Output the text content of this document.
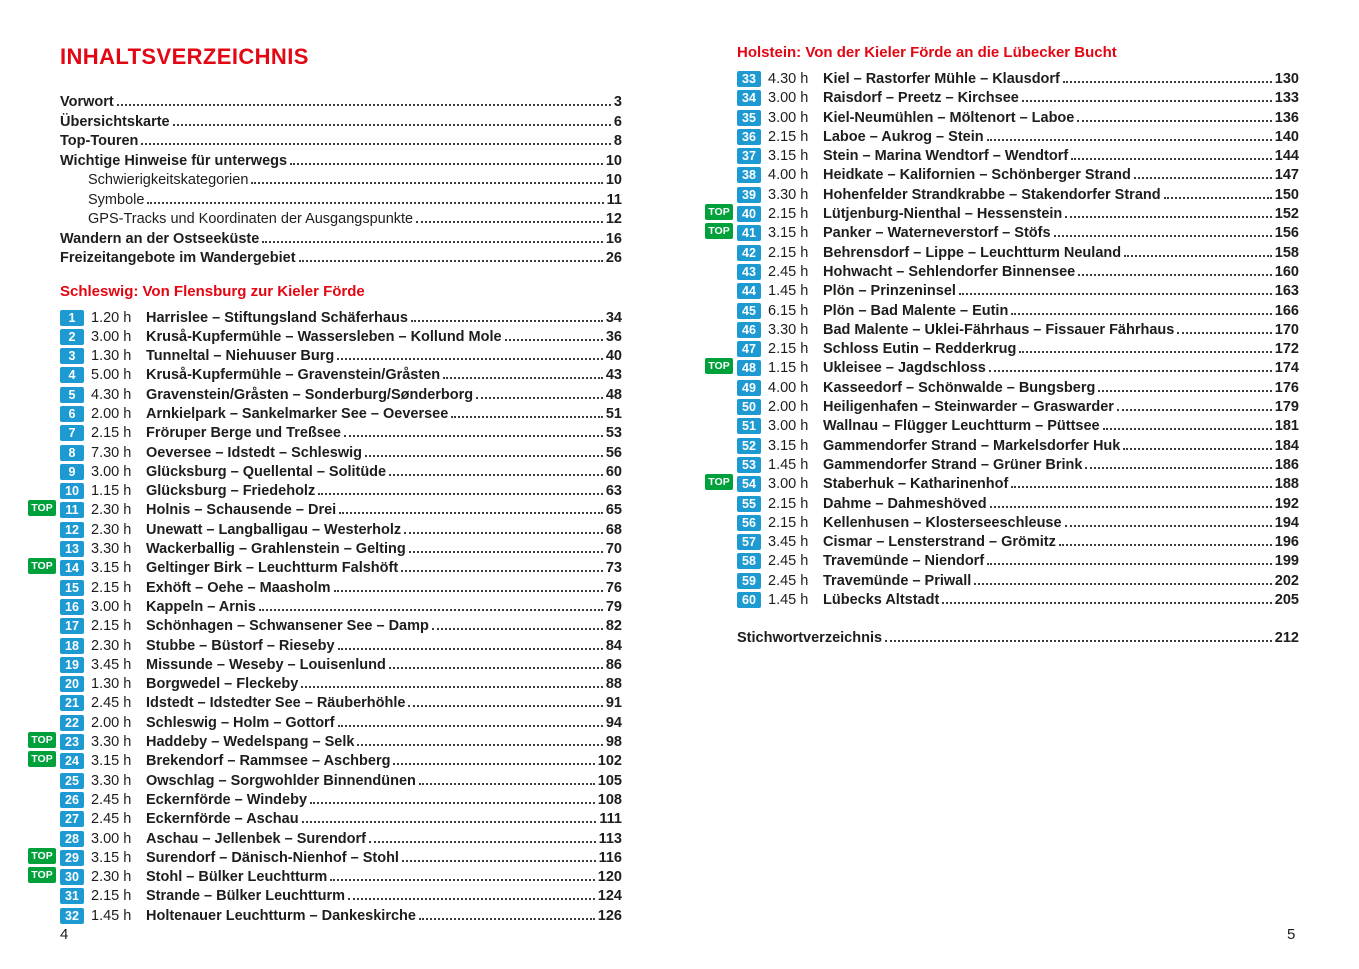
INHALTSVERZEICHNIS
Vorwort	3
Übersichtskarte	6
Top-Touren	8
Wichtige Hinweise für unterwegs	10
Schwierigkeitskategorien	10
Symbole	11
GPS-Tracks und Koordinaten der Ausgangspunkte	12
Wandern an der Ostseeküste	16
Freizeitangebote im Wandergebiet	26
Schleswig: Von Flensburg zur Kieler Förde
1	1.20 h	Harrislee – Stiftungsland Schäferhaus	34
2	3.00 h	Kruså-Kupfermühle – Wassersleben – Kollund Mole	36
3	1.30 h	Tunneltal – Niehuuser Burg	40
4	5.00 h	Kruså-Kupfermühle – Gravenstein/Gråsten	43
5	4.30 h	Gravenstein/Gråsten – Sonderburg/Sønderborg	48
6	2.00 h	Arnkielpark – Sankelmarker See – Oeversee	51
7	2.15 h	Fröruper Berge und Treßsee	53
8	7.30 h	Oeversee – Idstedt – Schleswig	56
9	3.00 h	Glücksburg – Quellental – Solitüde	60
10 1.15 h	Glücksburg – Friedeholz	63
TOP	11 2.30 h	Holnis – Schausende – Drei	65
12 2.30 h	Unewatt – Langballigau – Westerholz	68
13 3.30 h	Wackerballig – Grahlenstein – Gelting	70
TOP 14 3.15 h	Geltinger Birk – Leuchtturm Falshöft	73
15 2.15 h	Exhöft – Oehe – Maasholm	76
16 3.00 h	Kappeln – Arnis	79
17 2.15 h	Schönhagen – Schwansener See – Damp	82
18 2.30 h	Stubbe – Büstorf – Rieseby	84
19 3.45 h	Missunde – Weseby – Louisenlund	86
20 1.30 h	Borgwedel – Fleckeby	88
21 2.45 h	Idstedt – Idstedter See – Räuberhöhle	91
22 2.00 h	Schleswig – Holm – Gottorf	94
TOP 23 3.30 h	Haddeby – Wedelspang – Selk	98
TOP 24 3.15 h	Brekendorf – Rammsee – Aschberg	102
25 3.30 h	Owschlag – Sorgwohlder Binnendünen	105
26 2.45 h	Eckernförde – Windeby	108
27 2.45 h	Eckernförde – Aschau	111
28 3.00 h	Aschau – Jellenbek – Surendorf	113
TOP 29 3.15 h	Surendorf – Dänisch-Nienhof – Stohl	116
TOP 30 2.30 h	Stohl – Bülker Leuchtturm	120
31 2.15 h	Strande – Bülker Leuchtturm	124
32 1.45 h	Holtenauer Leuchtturm – Dankeskirche	126
Holstein: Von der Kieler Förde an die Lübecker Bucht
33 4.30 h	Kiel – Rastorfer Mühle – Klausdorf	130
34 3.00 h	Raisdorf – Preetz – Kirchsee	133
35 3.00 h	Kiel-Neumühlen – Möltenort – Laboe	136
36 2.15 h	Laboe – Aukrog – Stein	140
37 3.15 h	Stein – Marina Wendtorf – Wendtorf	144
38 4.00 h	Heidkate – Kalifornien – Schönberger Strand	147
39 3.30 h	Hohenfelder Strandkrabbe – Stakendorfer Strand	150
TOP 40 2.15 h	Lütjenburg-Nienthal – Hessenstein	152
TOP 41 3.15 h	Panker – Waterneverstorf – Stöfs	156
42 2.15 h	Behrensdorf – Lippe – Leuchtturm Neuland	158
43 2.45 h	Hohwacht – Sehlendorfer Binnensee	160
44 1.45 h	Plön – Prinzeninsel	163
45 6.15 h	Plön – Bad Malente – Eutin	166
46 3.30 h	Bad Malente – Uklei-Fährhaus – Fissauer Fährhaus	170
47 2.15 h	Schloss Eutin – Redderkrug	172
TOP 48 1.15 h	Ukleisee – Jagdschloss	174
49 4.00 h	Kasseedorf – Schönwalde – Bungsberg	176
50 2.00 h	Heiligenhafen – Steinwarder – Graswarder	179
51 3.00 h	Wallnau – Flügger Leuchtturm – Püttsee	181
52 3.15 h	Gammendorfer Strand – Markelsdorfer Huk	184
53 1.45 h	Gammendorfer Strand – Grüner Brink	186
TOP 54 3.00 h	Staberhuk – Katharinenhof	188
55 2.15 h	Dahme – Dahmeshöved	192
56 2.15 h	Kellenhusen – Klosterseeschleuse	194
57 3.45 h	Cismar – Lensterstrand – Grömitz	196
58 2.45 h	Travemünde – Niendorf	199
59 2.45 h	Travemünde – Priwall	202
60 1.45 h	Lübecks Altstadt	205
Stichwortverzeichnis	212
4	5
